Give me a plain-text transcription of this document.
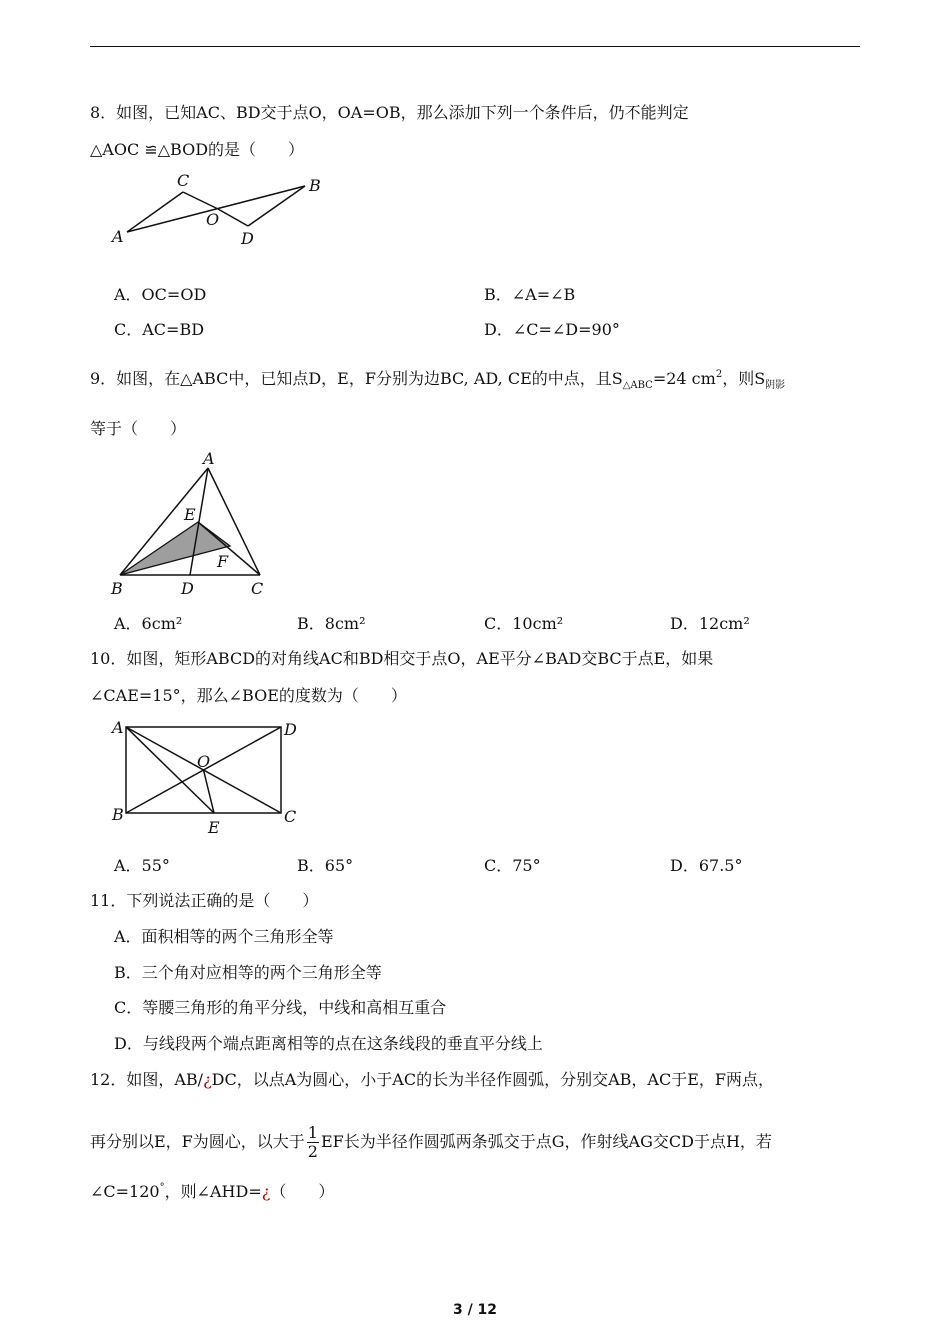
8．如图，已知AC、BD交于点O，OA=OB，那么添加下列一个条件后，仍不能判定
△AOC ≌△BOD的是（　　）
A
C
O
D
B
A．OC=OD	B．∠A=∠B
C．AC=BD	D．∠C=∠D=90°
9．如图，在△ABC中，已知点D，E，F分别为边BC, AD, CE的中点，且$S_{\triangle ABC}=24$ $cm^2$，则$S_{阴影}$
等于（　　）
A
E
F
B	D	C
A．6cm²	B．8cm²	C．10cm²	D．12cm²
10．如图，矩形ABCD的对角线AC和BD相交于点O，AE平分∠BAD交BC于点E，如果
∠CAE=15°，那么∠BOE的度数为（　　）
A	D
O
B	C
E
A．55°	B．65°	C．75°	D．67.5°
11．下列说法正确的是（　　）
A．面积相等的两个三角形全等
B．三个角对应相等的两个三角形全等
C．等腰三角形的角平分线，中线和高相互重合
D．与线段两个端点距离相等的点在这条线段的垂直平分线上
12．如图，AB/¿DC，以点A为圆心，小于AC的长为半径作圆弧，分别交AB，AC于E，F两点，
再分别以E，F为圆心，以大于 $\frac{1}{2}$ EF长为半径作圆弧两条弧交于点G，作射线AG交CD于点H，若
∠C=120°，则∠AHD=¿（　　）
3 / 12
